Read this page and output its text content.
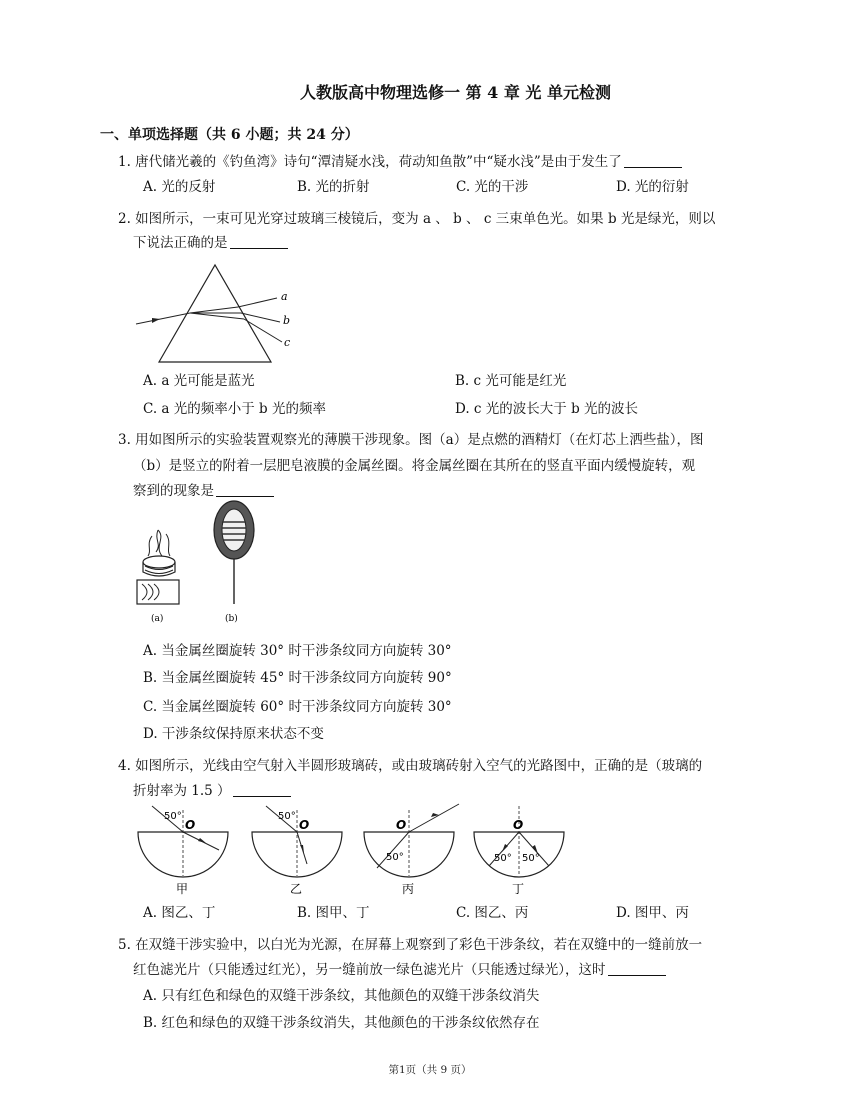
人教版高中物理选修一 第 4 章 光 单元检测
一、单项选择题（共 6 小题；共 24 分）
1. 唐代储光羲的《钓鱼湾》诗句“潭清疑水浅，荷动知鱼散”中“疑水浅”是由于发生了
A. 光的反射	B. 光的折射	C. 光的干涉	D. 光的衍射
2. 如图所示，一束可见光穿过玻璃三棱镜后，变为 a 、 b 、 c 三束单色光。如果 b 光是绿光，则以
下说法正确的是
a
b
c
A. a 光可能是蓝光	B. c 光可能是红光
C. a 光的频率小于 b 光的频率	D. c 光的波长大于 b 光的波长
3. 用如图所示的实验装置观察光的薄膜干涉现象。图（a）是点燃的酒精灯（在灯芯上洒些盐），图
（b）是竖立的附着一层肥皂液膜的金属丝圈。将金属丝圈在其所在的竖直平面内缓慢旋转，观
察到的现象是
(a)	(b)
A. 当金属丝圈旋转 30° 时干涉条纹同方向旋转 30°
B. 当金属丝圈旋转 45° 时干涉条纹同方向旋转 90°
C. 当金属丝圈旋转 60° 时干涉条纹同方向旋转 30°
D. 干涉条纹保持原来状态不变
4. 如图所示，光线由空气射入半圆形玻璃砖，或由玻璃砖射入空气的光路图中，正确的是（玻璃的
折射率为 1.5 ）
50°
O
甲
50°
O
乙
50°
O
丙
50° 50°
O
丁
A. 图乙、丁	B. 图甲、丁	C. 图乙、丙	D. 图甲、丙
5. 在双缝干涉实验中，以白光为光源，在屏幕上观察到了彩色干涉条纹，若在双缝中的一缝前放一
红色滤光片（只能透过红光），另一缝前放一绿色滤光片（只能透过绿光），这时
A. 只有红色和绿色的双缝干涉条纹，其他颜色的双缝干涉条纹消失
B. 红色和绿色的双缝干涉条纹消失，其他颜色的干涉条纹依然存在
第1页（共 9 页）
